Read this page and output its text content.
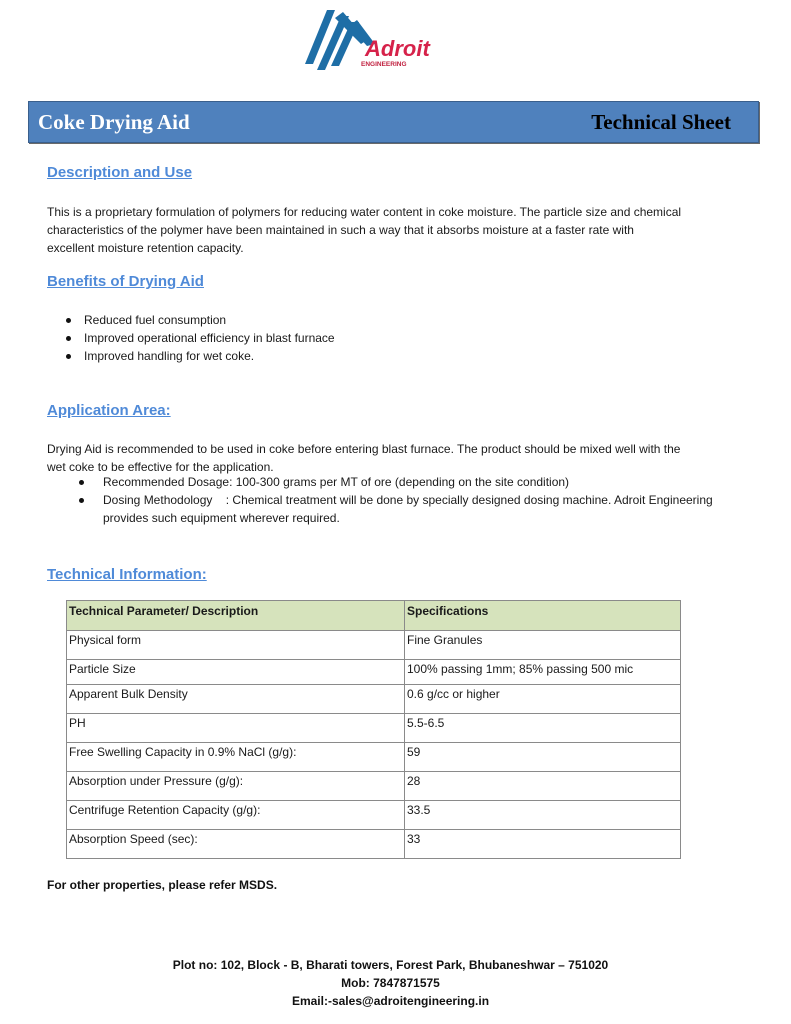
Adroit
ENGINEERING
Coke Drying Aid	Technical Sheet
Description and Use
This is a proprietary formulation of polymers for reducing water content in coke moisture. The particle size and chemical
characteristics of the polymer have been maintained in such a way that it absorbs moisture at a faster rate with
excellent moisture retention capacity.
Benefits of Drying Aid
Reduced fuel consumption
Improved operational efficiency in blast furnace
Improved handling for wet coke.
Application Area:
Drying Aid is recommended to be used in coke before entering blast furnace. The product should be mixed well with the
wet coke to be effective for the application.
Recommended Dosage: 100-300 grams per MT of ore (depending on the site condition)
Dosing Methodology    : Chemical treatment will be done by specially designed dosing machine. Adroit Engineering provides such equipment wherever required.
Technical Information:
Technical Parameter/ Description	Specifications
Physical form	Fine Granules
Particle Size	100% passing 1mm; 85% passing 500 mic
Apparent Bulk Density	0.6 g/cc or higher
PH	5.5-6.5
Free Swelling Capacity in 0.9% NaCl (g/g):	59
Absorption under Pressure (g/g):	28
Centrifuge Retention Capacity (g/g):	33.5
Absorption Speed (sec):	33
For other properties, please refer MSDS.
Plot no: 102, Block - B, Bharati towers, Forest Park, Bhubaneshwar – 751020
Mob: 7847871575
Email:-sales@adroitengineering.in
